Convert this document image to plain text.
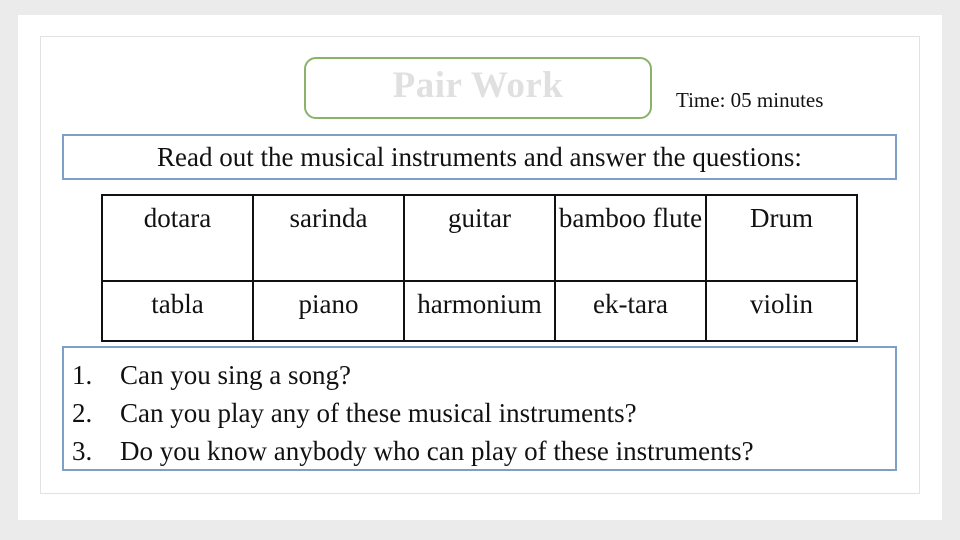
Pair Work	Time: 05 minutes
Read out the musical instruments and answer the questions:
dotara	sarinda	guitar	bamboo flute	Drum
tabla	piano	harmonium	ek-tara	violin
1.	Can you sing a song?
2.	Can you play any of these musical instruments?
3.	Do you know anybody who can play of these instruments?
